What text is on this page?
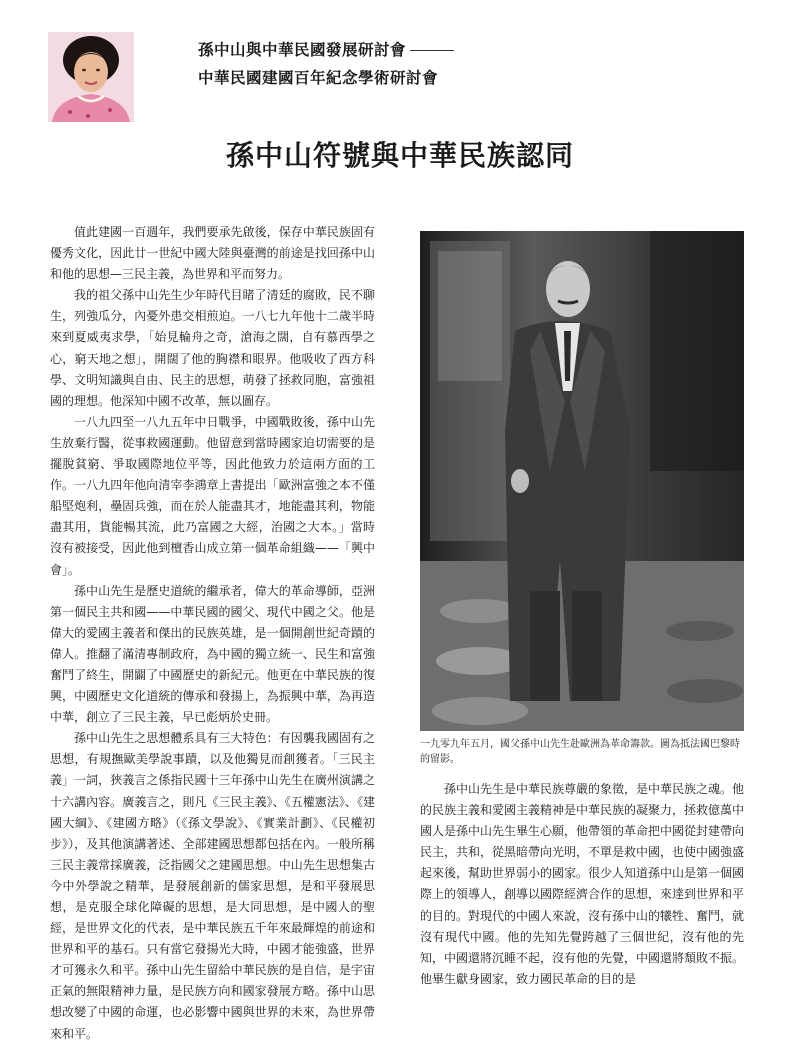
孫中山與中華民國發展研討會
中華民國建國百年紀念學術研討會
孫中山符號與中華民族認同

值此建國一百週年，我們要承先啟後，保存中華民族固有優秀文化，因此廿一世紀中國大陸與臺灣的前途是找回孫中山和他的思想—三民主義，為世界和平而努力。

我的祖父孫中山先生少年時代目睹了清廷的腐敗，民不聊生，列強瓜分，內憂外患交相煎迫。一八七九年他十二歲半時來到夏威夷求學，「始見輪舟之奇，滄海之闊，自有慕西學之心，窮天地之想」，開闊了他的胸襟和眼界。他吸收了西方科學、文明知識與自由、民主的思想，萌發了拯救同胞，富強祖國的理想。他深知中國不改革，無以圖存。

一八九四至一八九五年中日戰爭，中國戰敗後，孫中山先生放棄行醫，從事救國運動。他留意到當時國家迫切需要的是擺脫貧窮、爭取國際地位平等，因此他致力於這兩方面的工作。一八九四年他向清宰李鴻章上書提出「歐洲富強之本不僅船堅炮利，壘固兵強，而在於人能盡其才，地能盡其利，物能盡其用，貨能暢其流，此乃富國之大經，治國之大本。」當時沒有被接受，因此他到檀香山成立第一個革命組織——「興中會」。

孫中山先生是歷史道統的繼承者，偉大的革命導師，亞洲第一個民主共和國——中華民國的國父、現代中國之父。他是偉大的愛國主義者和傑出的民族英雄，是一個開創世紀奇蹟的偉人。推翻了滿清專制政府，為中國的獨立統一、民生和富強奮鬥了終生，開闢了中國歷史的新紀元。他更在中華民族的復興，中國歷史文化道統的傳承和發揚上，為振興中華，為再造中華，創立了三民主義，早已彪炳於史冊。

孫中山先生之思想體系具有三大特色：有因襲我國固有之思想，有規撫歐美學說事蹟，以及他獨見而創獲者。「三民主義」一詞，狹義言之係指民國十三年孫中山先生在廣州演講之十六講內容。廣義言之，則凡《三民主義》、《五權憲法》、《建國大綱》、《建國方略》（《孫文學說》、《實業計劃》、《民權初步》），及其他演講著述、全部建國思想都包括在內。一般所稱三民主義常採廣義，泛指國父之建國思想。中山先生思想集古今中外學說之精華，是發展創新的儒家思想，是和平發展思想，是克服全球化障礙的思想，是大同思想，是中國人的聖經，是世界文化的代表，是中華民族五千年來最輝煌的前途和世界和平的基石。只有當它發揚光大時，中國才能強盛，世界才可獲永久和平。孫中山先生留給中華民族的是自信，是宇宙正氣的無限精神力量，是民族方向和國家發展方略。孫中山思想改變了中國的命運，也必影響中國與世界的未來，為世界帶來和平。

一九零九年五月，國父孫中山先生赴歐洲為革命籌款。圖為抵法國巴黎時的留影。

孫中山先生是中華民族尊嚴的象徵，是中華民族之魂。他的民族主義和愛國主義精神是中華民族的凝聚力，拯救億萬中國人是孫中山先生畢生心願，他帶領的革命把中國從封建帶向民主，共和，從黑暗帶向光明，不單是救中國，也使中國強盛起來後，幫助世界弱小的國家。很少人知道孫中山是第一個國際上的領導人，創導以國際經濟合作的思想，來達到世界和平的目的。對現代的中國人來說，沒有孫中山的犧牲、奮鬥，就沒有現代中國。他的先知先覺跨越了三個世紀，沒有他的先知，中國還將沉睡不起，沒有他的先覺，中國還將頹敗不振。他畢生獻身國家，致力國民革命的目的是
